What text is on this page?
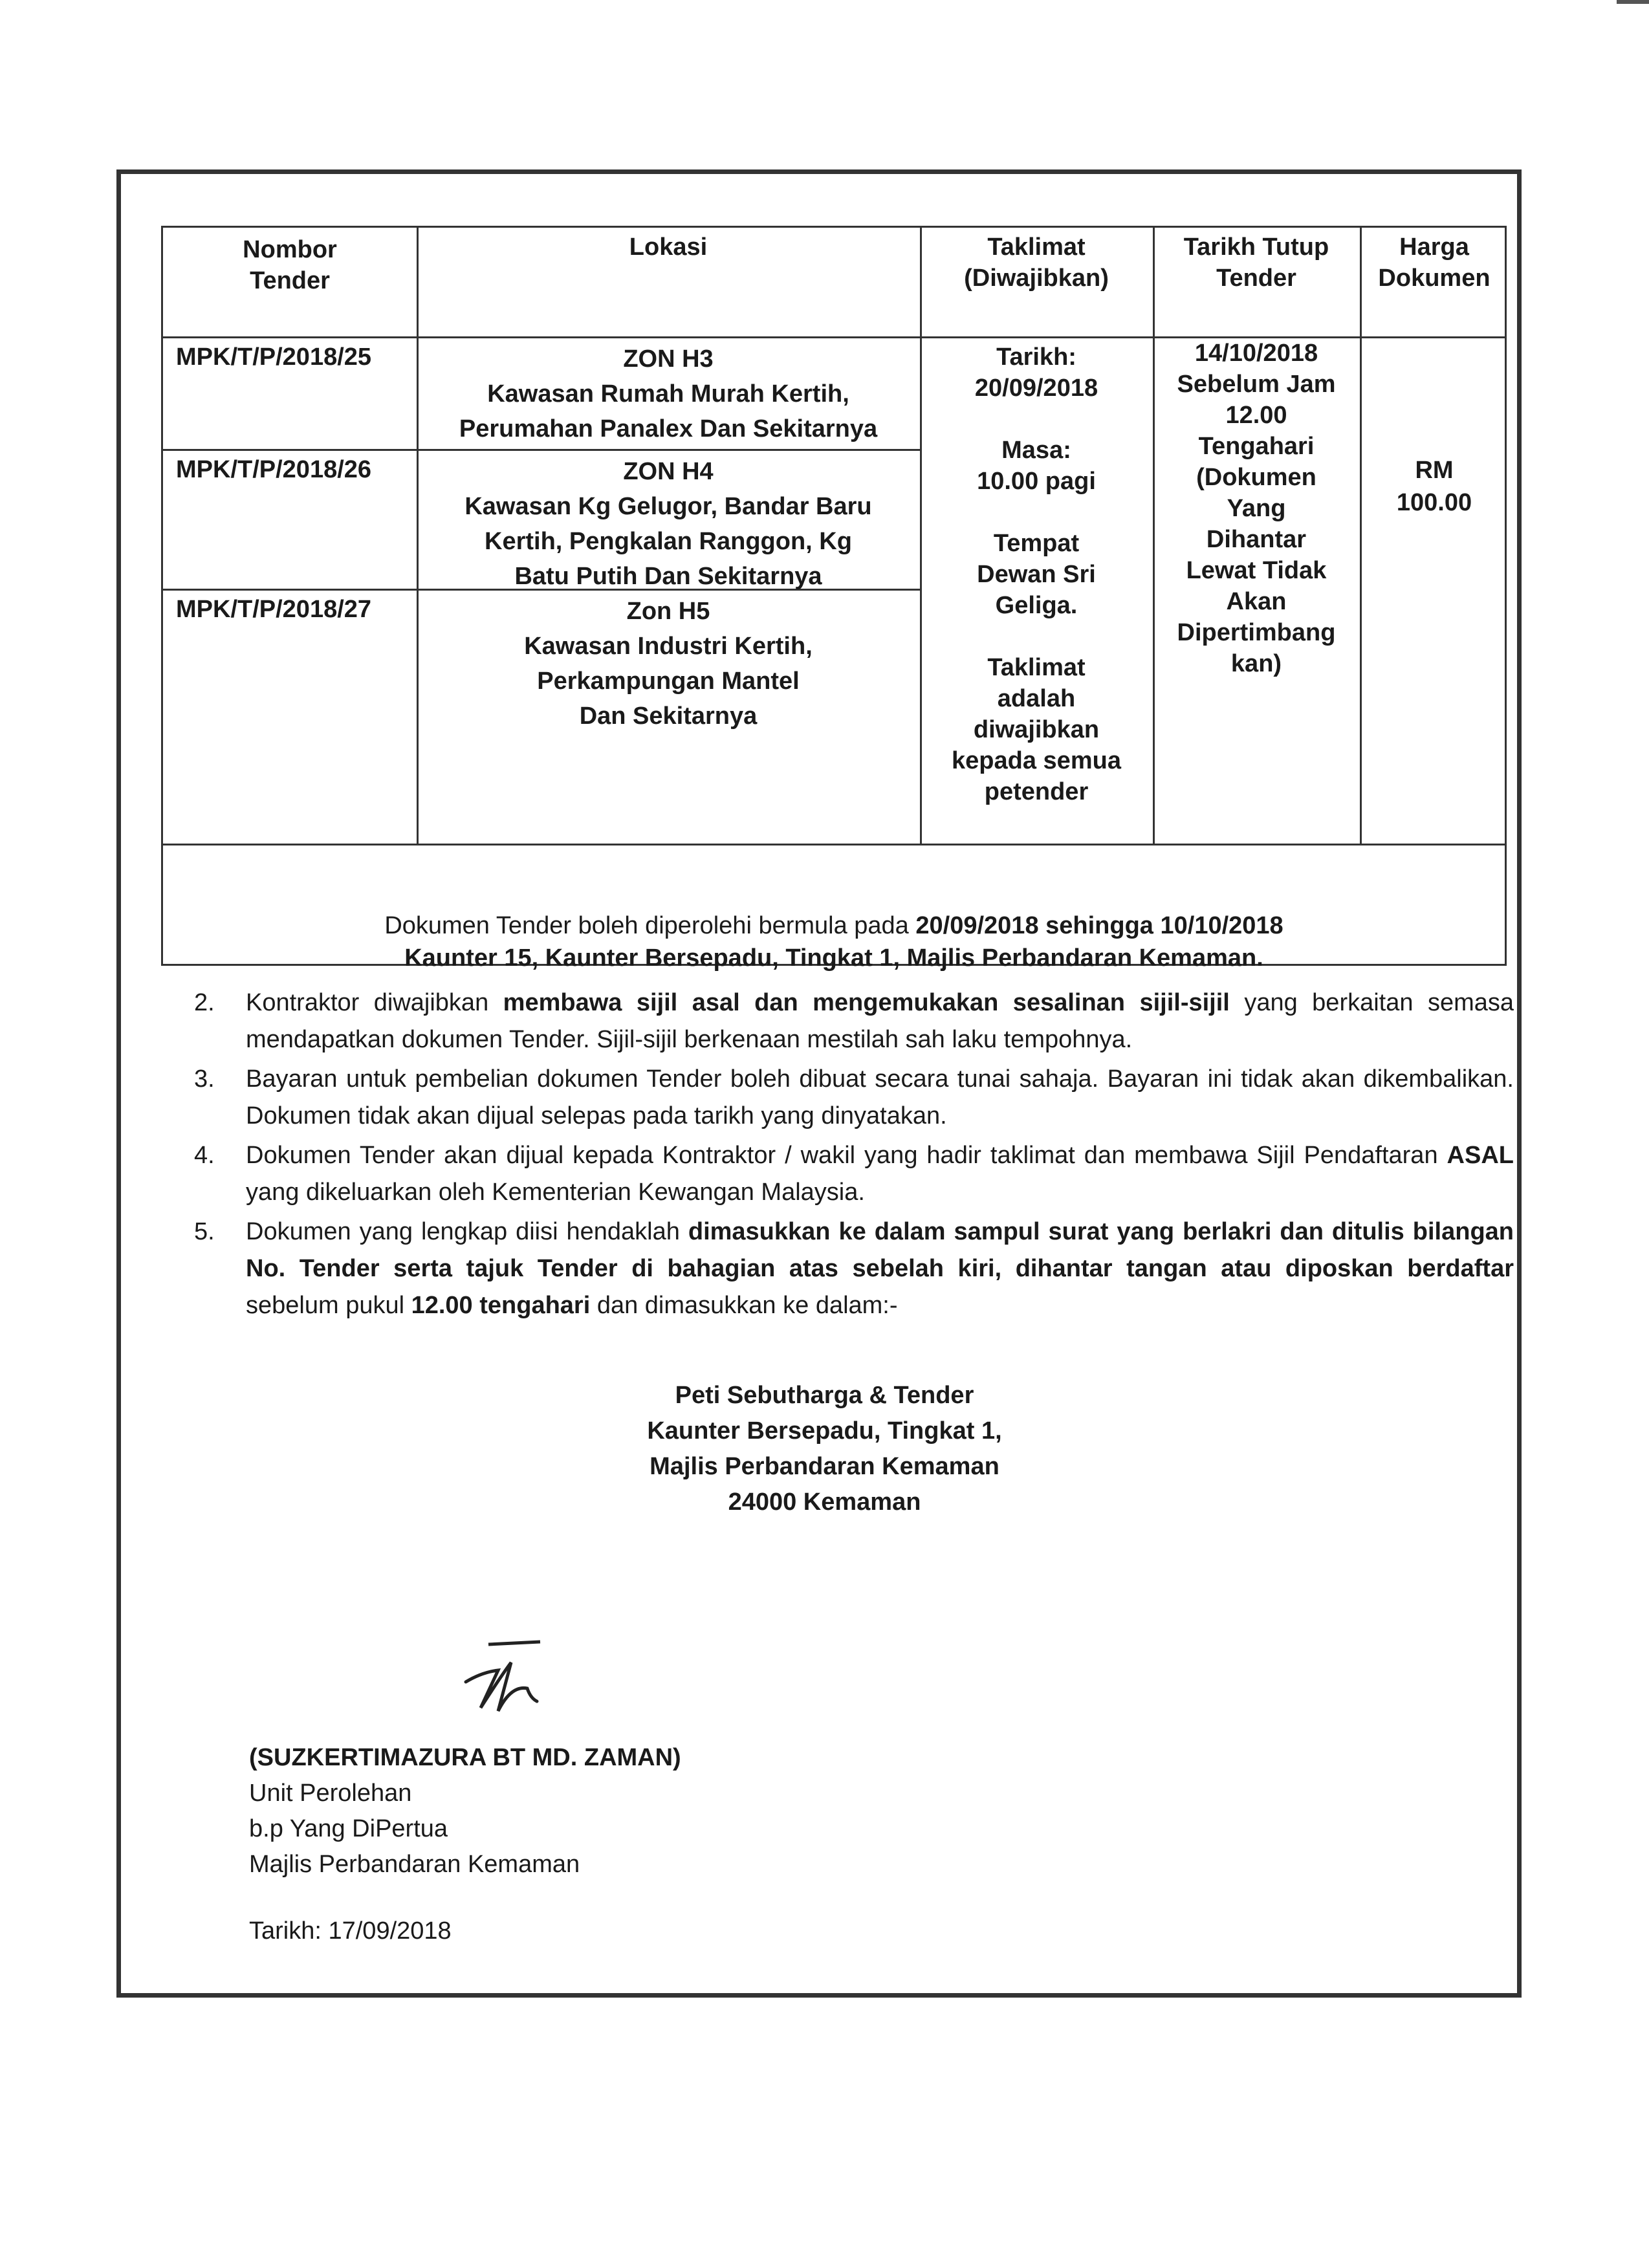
Nombor
Tender
Lokasi	Taklimat
(Diwajibkan)
Tarikh Tutup
Tender
Harga
Dokumen
MPK/T/P/2018/25
MPK/T/P/2018/26
MPK/T/P/2018/27
ZON H3
Kawasan Rumah Murah Kertih,
Perumahan Panalex Dan Sekitarnya
ZON H4
Kawasan Kg Gelugor, Bandar Baru
Kertih, Pengkalan Ranggon, Kg
Batu Putih Dan Sekitarnya
Zon H5
Kawasan Industri Kertih,
Perkampungan Mantel
Dan Sekitarnya
Tarikh:
20/09/2018
Masa:
10.00 pagi
Tempat
Dewan Sri
Geliga.
Taklimat
adalah
diwajibkan
kepada semua
petender
14/10/2018
Sebelum Jam
12.00
Tengahari
(Dokumen
Yang
Dihantar
Lewat Tidak
Akan
Dipertimbang
kan)
RM
100.00
Dokumen Tender boleh diperolehi bermula pada 20/09/2018 sehingga 10/10/2018
Kaunter 15, Kaunter Bersepadu, Tingkat 1, Majlis Perbandaran Kemaman.
2. Kontraktor diwajibkan membawa sijil asal dan mengemukakan sesalinan sijil-sijil yang berkaitan semasa mendapatkan dokumen Tender. Sijil-sijil berkenaan mestilah sah laku tempohnya.
3. Bayaran untuk pembelian dokumen Tender boleh dibuat secara tunai sahaja. Bayaran ini tidak akan dikembalikan. Dokumen tidak akan dijual selepas pada tarikh yang dinyatakan.
4. Dokumen Tender akan dijual kepada Kontraktor / wakil yang hadir taklimat dan membawa Sijil Pendaftaran ASAL yang dikeluarkan oleh Kementerian Kewangan Malaysia.
5. Dokumen yang lengkap diisi hendaklah dimasukkan ke dalam sampul surat yang berlakri dan ditulis bilangan No. Tender serta tajuk Tender di bahagian atas sebelah kiri, dihantar tangan atau diposkan berdaftar sebelum pukul 12.00 tengahari dan dimasukkan ke dalam:-
Peti Sebutharga & Tender
Kaunter Bersepadu, Tingkat 1,
Majlis Perbandaran Kemaman
24000 Kemaman
(SUZKERTIMAZURA BT MD. ZAMAN)
Unit Perolehan
b.p Yang DiPertua
Majlis Perbandaran Kemaman
Tarikh: 17/09/2018
